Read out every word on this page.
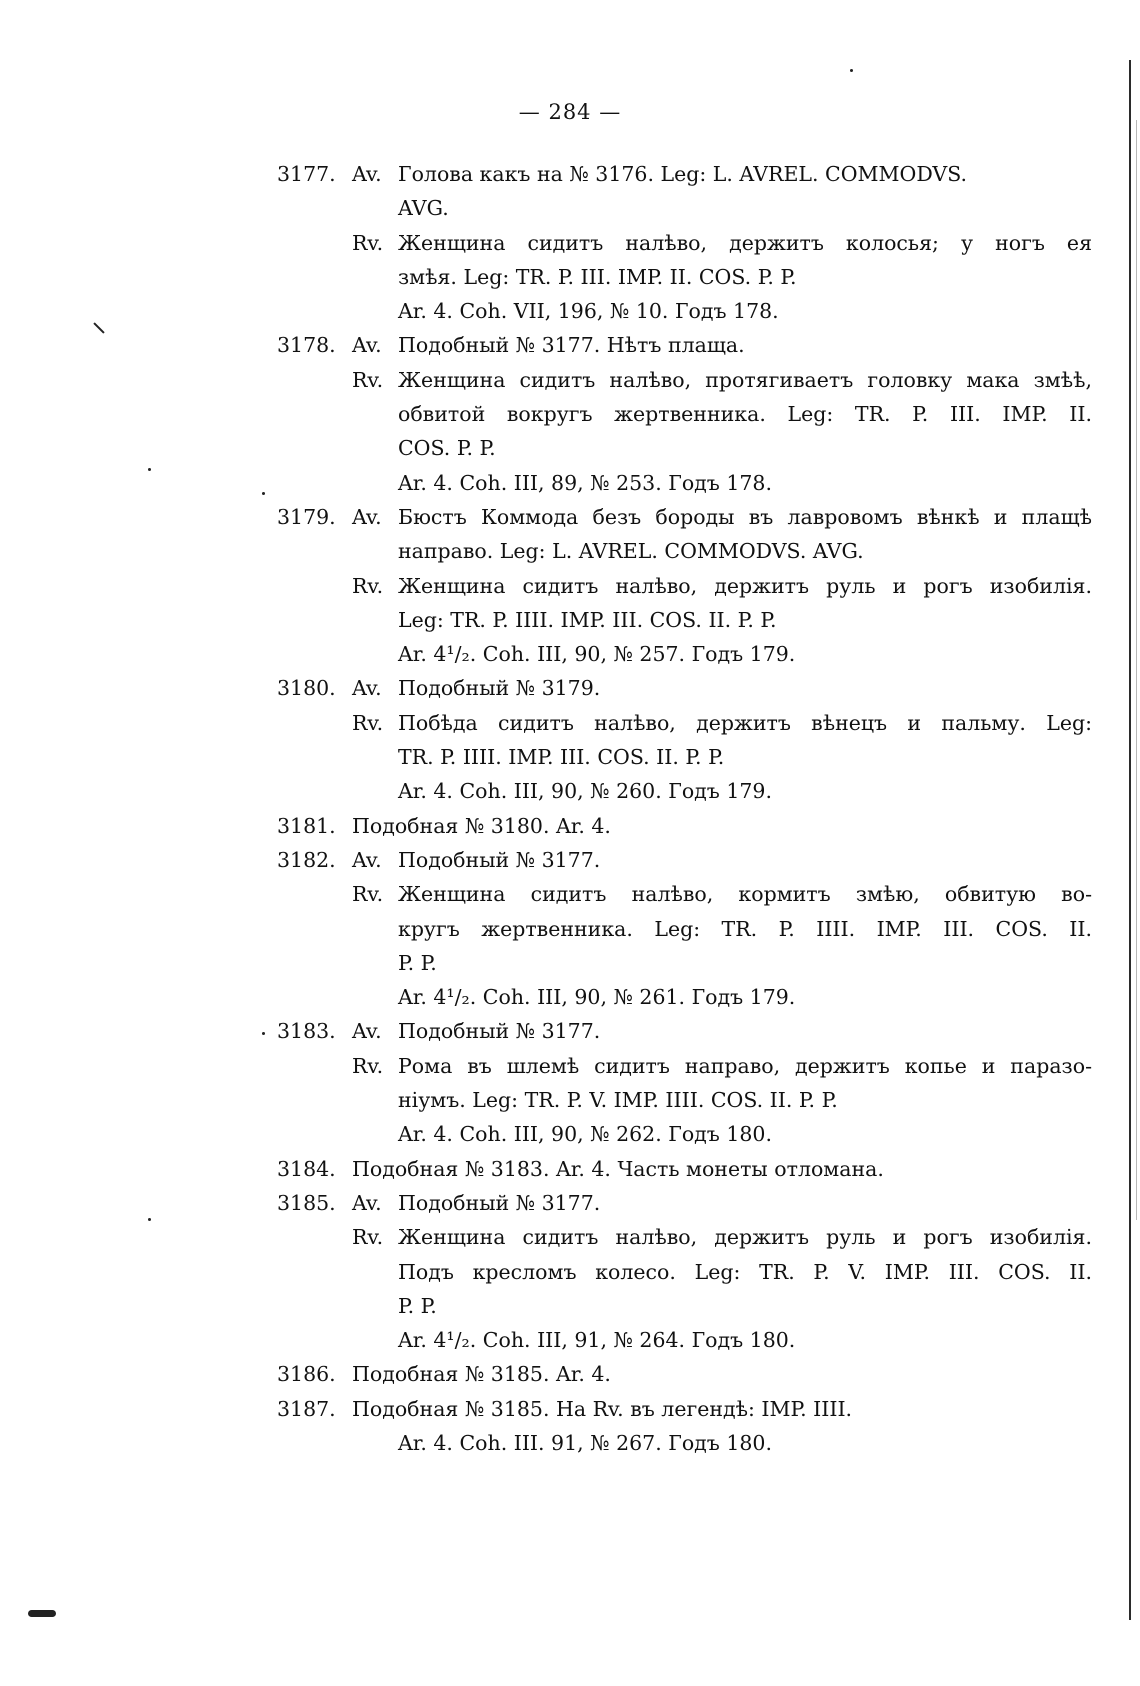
— 284 —
3177. Av. Голова какъ на № 3176. Leg: L. AVREL. COMMODVS.
AVG.
Rv. Женщина сидитъ налѣво, держитъ колосья; у ногъ ея
змѣя. Leg: TR. P. III. IMP. II. COS. P. P.
Ar. 4. Coh. VII, 196, № 10. Годъ 178.
3178. Av. Подобный № 3177. Нѣтъ плаща.
Rv. Женщина сидитъ налѣво, протягиваетъ головку мака змѣѣ,
обвитой вокругъ жертвенника. Leg: TR. P. III. IMP. II.
COS. P. P.
Ar. 4. Coh. III, 89, № 253. Годъ 178.
3179. Av. Бюстъ Коммода безъ бороды въ лавровомъ вѣнкѣ и плащѣ
направо. Leg: L. AVREL. COMMODVS. AVG.
Rv. Женщина сидитъ налѣво, держитъ руль и рогъ изобилія.
Leg: TR. P. IIII. IMP. III. COS. II. P. P.
Ar. 4¹/₂. Coh. III, 90, № 257. Годъ 179.
3180. Av. Подобный № 3179.
Rv. Побѣда сидитъ налѣво, держитъ вѣнецъ и пальму. Leg:
TR. P. IIII. IMP. III. COS. II. P. P.
Ar. 4. Coh. III, 90, № 260. Годъ 179.
3181. Подобная № 3180. Ar. 4.
3182. Av. Подобный № 3177.
Rv. Женщина сидитъ налѣво, кормитъ змѣю, обвитую во-
кругъ жертвенника. Leg: TR. P. IIII. IMP. III. COS. II.
P. P.
Ar. 4¹/₂. Coh. III, 90, № 261. Годъ 179.
3183. Av. Подобный № 3177.
Rv. Рома въ шлемѣ сидитъ направо, держитъ копье и паразо-
ніумъ. Leg: TR. P. V. IMP. IIII. COS. II. P. P.
Ar. 4. Coh. III, 90, № 262. Годъ 180.
3184. Подобная № 3183. Ar. 4. Часть монеты отломана.
3185. Av. Подобный № 3177.
Rv. Женщина сидитъ налѣво, держитъ руль и рогъ изобилія.
Подъ кресломъ колесо. Leg: TR. P. V. IMP. III. COS. II.
P. P.
Ar. 4¹/₂. Coh. III, 91, № 264. Годъ 180.
3186. Подобная № 3185. Ar. 4.
3187. Подобная № 3185. На Rv. въ легендѣ: IMP. IIII.
Ar. 4. Coh. III. 91, № 267. Годъ 180.
